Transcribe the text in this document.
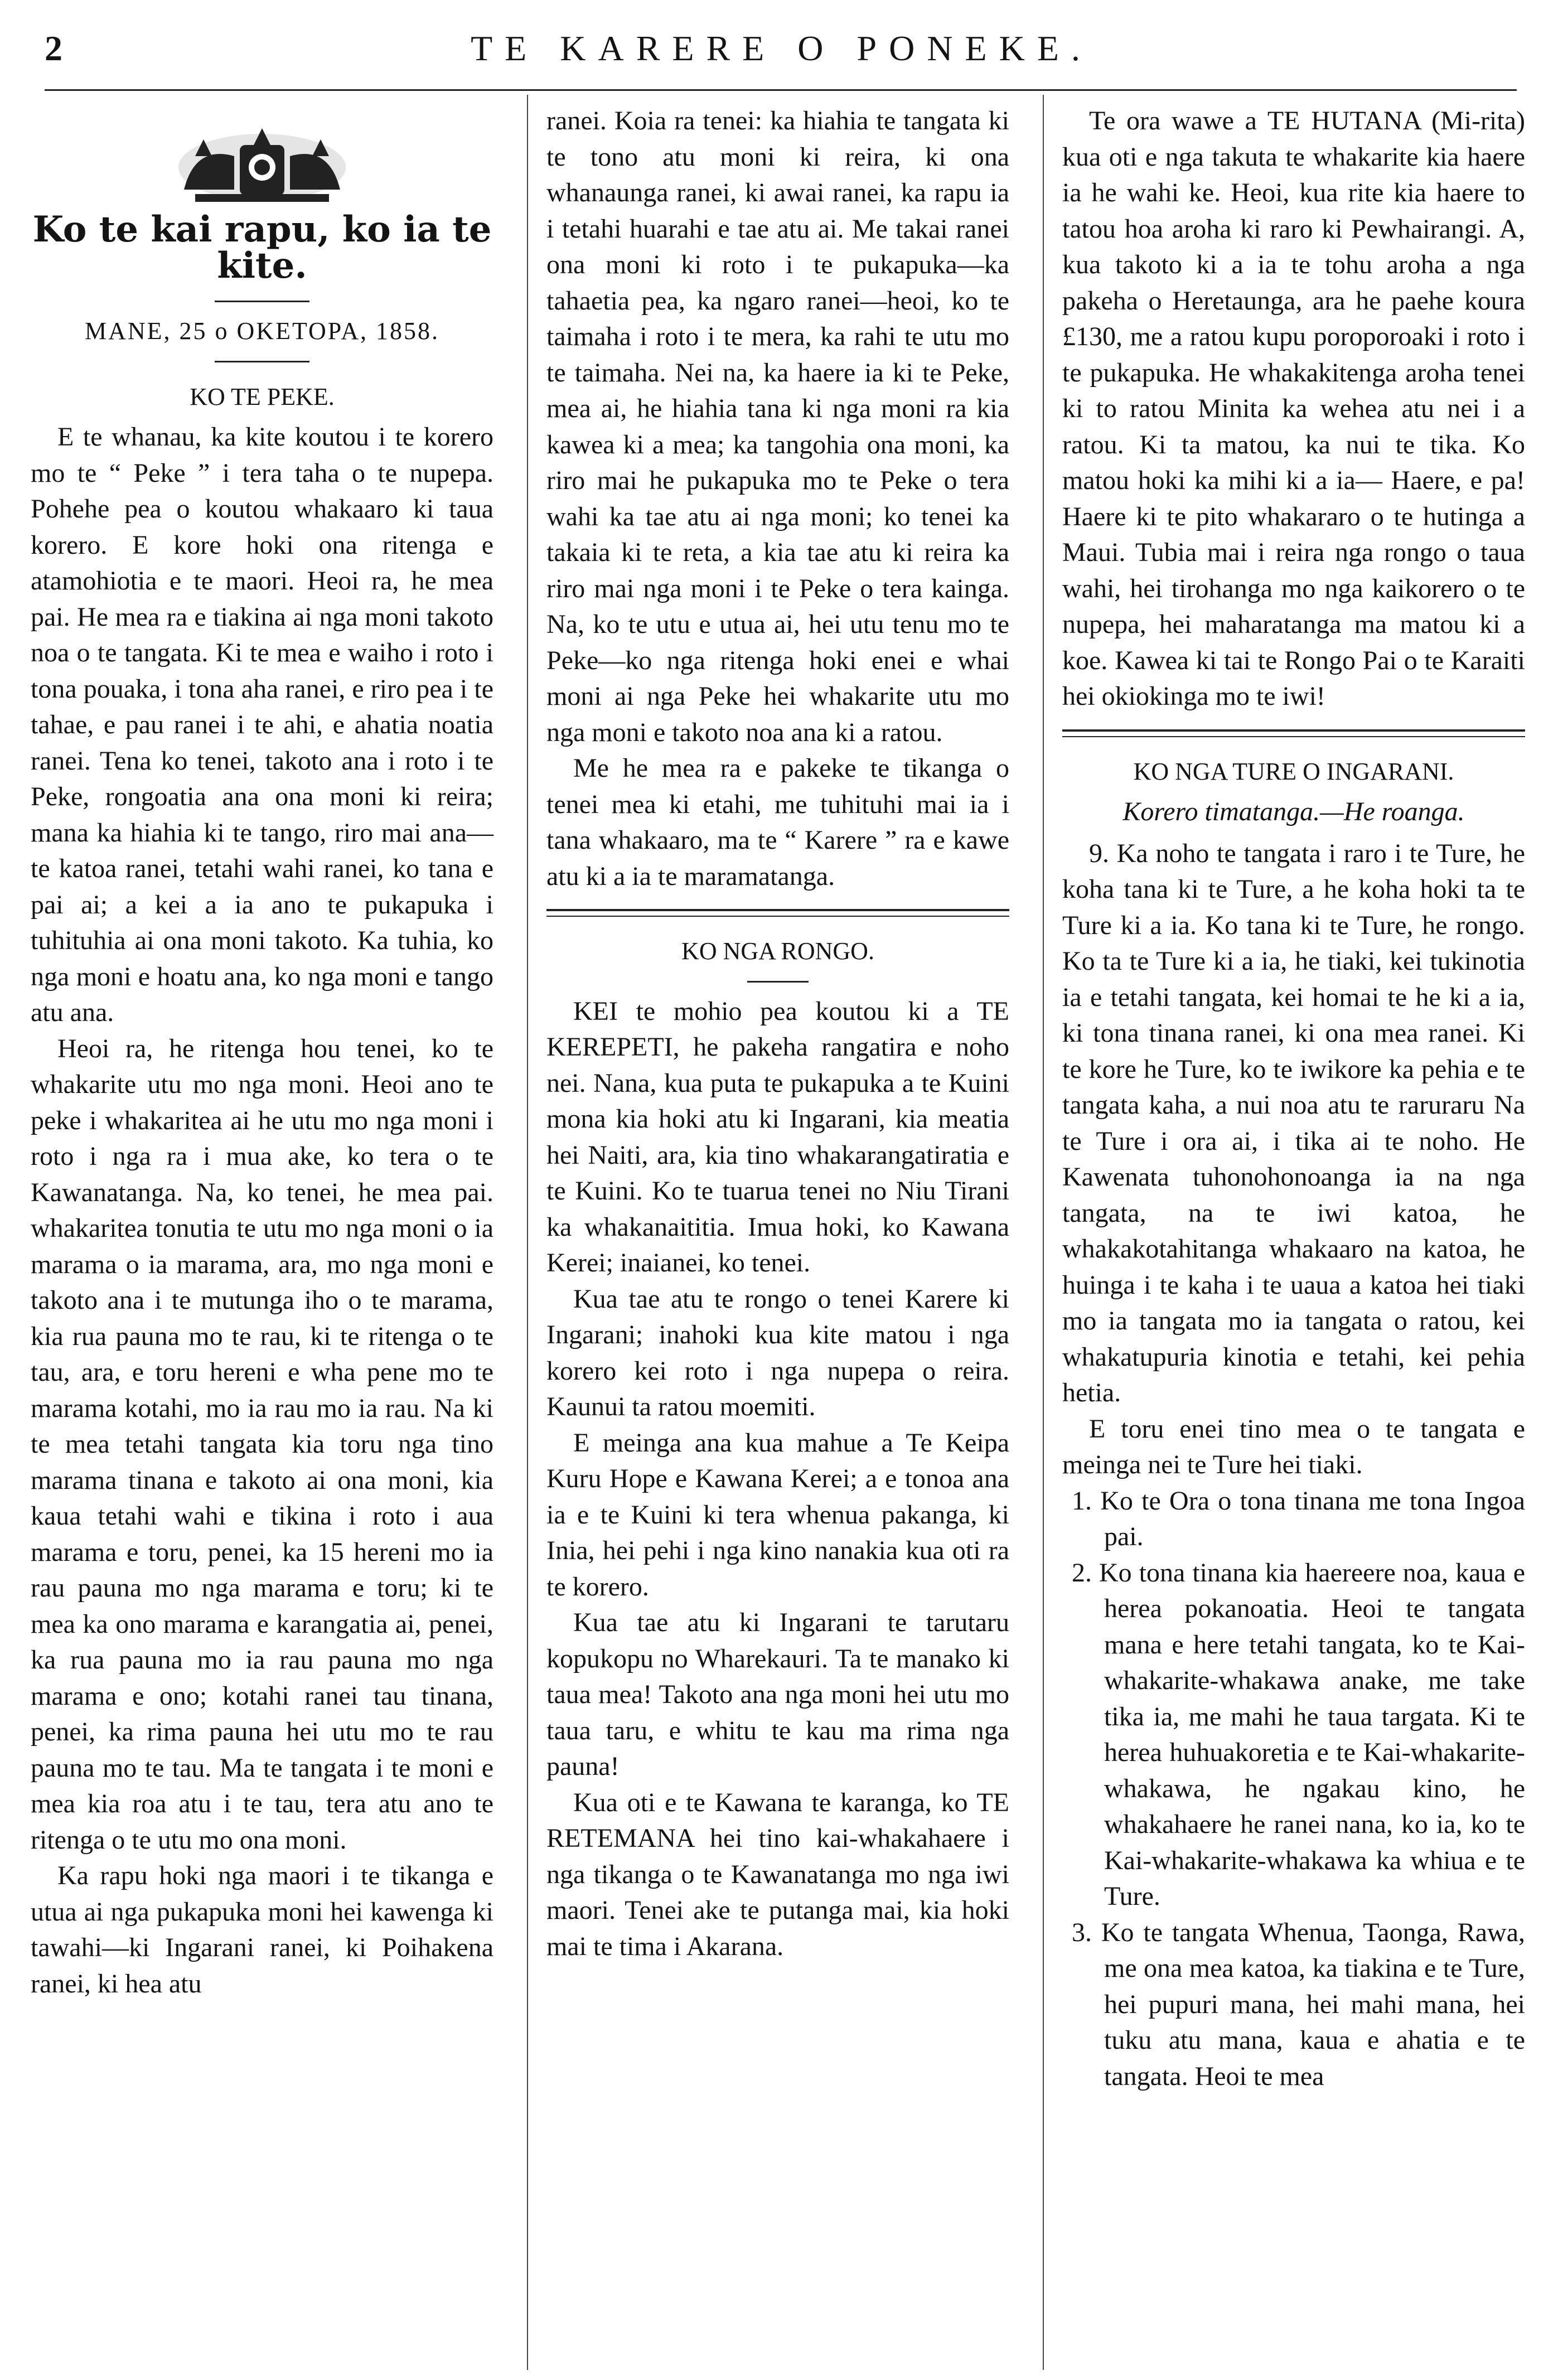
2	TE KARERE O PONEKE.
Ko te kai rapu, ko ia te kite.
MANE, 25 o OKETOPA, 1858.
KO TE PEKE.

E te whanau, ka kite koutou i te korero mo te “ Peke ” i tera taha o te nupepa. Pohehe pea o koutou whakaaro ki taua korero. E kore hoki ona ritenga e atamohiotia e te maori. Heoi ra, he mea pai. He mea ra e tiakina ai nga moni takoto noa o te tangata. Ki te mea e waiho i roto i tona pouaka, i tona aha ranei, e riro pea i te tahae, e pau ranei i te ahi, e ahatia noatia ranei. Tena ko tenei, takoto ana i roto i te Peke, rongoatia ana ona moni ki reira; mana ka hiahia ki te tango, riro mai ana—te katoa ranei, tetahi wahi ranei, ko tana e pai ai; a kei a ia ano te pukapuka i tuhituhia ai ona moni takoto. Ka tuhia, ko nga moni e hoatu ana, ko nga moni e tango atu ana.

Heoi ra, he ritenga hou tenei, ko te whakarite utu mo nga moni. Heoi ano te peke i whakaritea ai he utu mo nga moni i roto i nga ra i mua ake, ko tera o te Kawanatanga. Na, ko tenei, he mea pai. whakaritea tonutia te utu mo nga moni o ia marama o ia marama, ara, mo nga moni e takoto ana i te mutunga iho o te marama, kia rua pauna mo te rau, ki te ritenga o te tau, ara, e toru hereni e wha pene mo te marama kotahi, mo ia rau mo ia rau. Na ki te mea tetahi tangata kia toru nga tino marama tinana e takoto ai ona moni, kia kaua tetahi wahi e tikina i roto i aua marama e toru, penei, ka 15 hereni mo ia rau pauna mo nga marama e toru; ki te mea ka ono marama e karangatia ai, penei, ka rua pauna mo ia rau pauna mo nga marama e ono; kotahi ranei tau tinana, penei, ka rima pauna hei utu mo te rau pauna mo te tau. Ma te tangata i te moni e mea kia roa atu i te tau, tera atu ano te ritenga o te utu mo ona moni.

Ka rapu hoki nga maori i te tikanga e utua ai nga pukapuka moni hei kawenga ki tawahi—ki Ingarani ranei, ki Poihakena ranei, ki hea atu

ranei. Koia ra tenei: ka hiahia te tangata ki te tono atu moni ki reira, ki ona whanaunga ranei, ki awai ranei, ka rapu ia i tetahi huarahi e tae atu ai. Me takai ranei ona moni ki roto i te pukapuka—ka tahaetia pea, ka ngaro ranei—heoi, ko te taimaha i roto i te mera, ka rahi te utu mo te taimaha. Nei na, ka haere ia ki te Peke, mea ai, he hiahia tana ki nga moni ra kia kawea ki a mea; ka tangohia ona moni, ka riro mai he pukapuka mo te Peke o tera wahi ka tae atu ai nga moni; ko tenei ka takaia ki te reta, a kia tae atu ki reira ka riro mai nga moni i te Peke o tera kainga. Na, ko te utu e utua ai, hei utu tenu mo te Peke—ko nga ritenga hoki enei e whai moni ai nga Peke hei whakarite utu mo nga moni e takoto noa ana ki a ratou.

Me he mea ra e pakeke te tikanga o tenei mea ki etahi, me tuhituhi mai ia i tana whakaaro, ma te “ Karere ” ra e kawe atu ki a ia te maramatanga.

KO NGA RONGO.

KEI te mohio pea koutou ki a TE KEREPETI, he pakeha rangatira e noho nei. Nana, kua puta te pukapuka a te Kuini mona kia hoki atu ki Ingarani, kia meatia hei Naiti, ara, kia tino whakarangatiratia e te Kuini. Ko te tuarua tenei no Niu Tirani ka whakanaititia. Imua hoki, ko Kawana Kerei; inaianei, ko tenei.

Kua tae atu te rongo o tenei Karere ki Ingarani; inahoki kua kite matou i nga korero kei roto i nga nupepa o reira. Kaunui ta ratou moemiti.

E meinga ana kua mahue a Te Keipa Kuru Hope e Kawana Kerei; a e tonoa ana ia e te Kuini ki tera whenua pakanga, ki Inia, hei pehi i nga kino nanakia kua oti ra te korero.

Kua tae atu ki Ingarani te tarutaru kopukopu no Wharekauri. Ta te manako ki taua mea! Takoto ana nga moni hei utu mo taua taru, e whitu te kau ma rima nga pauna!

Kua oti e te Kawana te karanga, ko TE RETEMANA hei tino kai-whakahaere i nga tikanga o te Kawanatanga mo nga iwi maori. Tenei ake te putanga mai, kia hoki mai te tima i Akarana.

Te ora wawe a TE HUTANA (Mi-rita) kua oti e nga takuta te whakarite kia haere ia he wahi ke. Heoi, kua rite kia haere to tatou hoa aroha ki raro ki Pewhairangi. A, kua takoto ki a ia te tohu aroha a nga pakeha o Heretaunga, ara he paehe koura £130, me a ratou kupu poroporoaki i roto i te pukapuka. He whakakitenga aroha tenei ki to ratou Minita ka wehea atu nei i a ratou. Ki ta matou, ka nui te tika. Ko matou hoki ka mihi ki a ia— Haere, e pa! Haere ki te pito whakararo o te hutinga a Maui. Tubia mai i reira nga rongo o taua wahi, hei tirohanga mo nga kaikorero o te nupepa, hei maharatanga ma matou ki a koe. Kawea ki tai te Rongo Pai o te Karaiti hei okiokinga mo te iwi!

KO NGA TURE O INGARANI.
Korero timatanga.—He roanga.

9. Ka noho te tangata i raro i te Ture, he koha tana ki te Ture, a he koha hoki ta te Ture ki a ia. Ko tana ki te Ture, he rongo. Ko ta te Ture ki a ia, he tiaki, kei tukinotia ia e tetahi tangata, kei homai te he ki a ia, ki tona tinana ranei, ki ona mea ranei. Ki te kore he Ture, ko te iwikore ka pehia e te tangata kaha, a nui noa atu te raruraru Na te Ture i ora ai, i tika ai te noho. He Kawenata tuhonohonoanga ia na nga tangata, na te iwi katoa, he whakakotahitanga whakaaro na katoa, he huinga i te kaha i te uaua a katoa hei tiaki mo ia tangata mo ia tangata o ratou, kei whakatupuria kinotia e tetahi, kei pehia hetia.

E toru enei tino mea o te tangata e meinga nei te Ture hei tiaki.

1. Ko te Ora o tona tinana me tona Ingoa pai.

2. Ko tona tinana kia haereere noa, kaua e herea pokanoatia. Heoi te tangata mana e here tetahi tangata, ko te Kai-whakarite-whakawa anake, me take tika ia, me mahi he taua targata. Ki te herea huhuakoretia e te Kai-whakarite-whakawa, he ngakau kino, he whakahaere he ranei nana, ko ia, ko te Kai-whakarite-whakawa ka whiua e te Ture.

3. Ko te tangata Whenua, Taonga, Rawa, me ona mea katoa, ka tiakina e te Ture, hei pupuri mana, hei mahi mana, hei tuku atu mana, kaua e ahatia e te tangata. Heoi te mea
